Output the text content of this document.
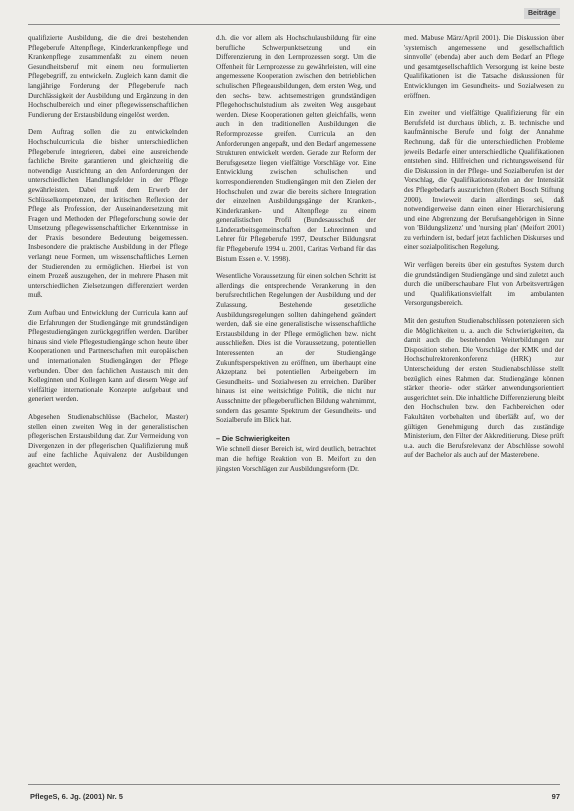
Beiträge

qualifizierte Ausbildung, die die drei bestehenden Pflegeberufe Altenpflege, Kinderkrankenpflege und Krankenpflege zusammenfaßt zu einem neuen Gesundheitsberuf mit einem neu formulierten Pflegebegriff, zu entwickeln. Zugleich kann damit die langjährige Forderung der Pflegeberufe nach Durchlässigkeit der Ausbildung und Ergänzung in den Hochschulbereich und einer pflegewissenschaftlichen Fundierung der Erstausbildung eingelöst werden.

Dem Auftrag sollen die zu entwickelnden Hochschulcurricula die bisher unterschiedlichen Pflegeberufe integrieren, dabei eine ausreichende fachliche Breite garantieren und gleichzeitig die notwendige Ausrichtung an den Anforderungen der unterschiedlichen Handlungsfelder in der Pflege gewährleisten. Dabei muß dem Erwerb der Schlüsselkompetenzen, der kritischen Reflexion der Pflege als Profession, der Auseinandersetzung mit Fragen und Methoden der Pflegeforschung sowie der Umsetzung pflegewissenschaftlicher Erkenntnisse in der Praxis besondere Bedeutung beigemessen. Insbesondere die praktische Ausbildung in der Pflege verlangt neue Formen, um wissenschaftliches Lernen der Studierenden zu ermöglichen. Hierbei ist von einem Prozeß auszugehen, der in mehrere Phasen mit unterschiedlichen Zielsetzungen differenziert werden muß.

Zum Aufbau und Entwicklung der Curricula kann auf die Erfahrungen der Studiengänge mit grundständigen Pflegestudiengängen zurückgegriffen werden. Darüber hinaus sind viele Pflegestudiengänge schon heute über Kooperationen und Partnerschaften mit europäischen und internationalen Studiengängen der Pflege verbunden. Über den fachlichen Austausch mit den Kolleginnen und Kollegen kann auf diesem Wege auf vielfältige internationale Konzepte aufgebaut und generiert werden.

Abgesehen Studienabschlüsse (Bachelor, Master) stellen einen zweiten Weg in der generalistischen pflegerischen Erstausbildung dar. Zur Vermeidung von Divergenzen in der pflegerischen Qualifizierung muß auf eine fachliche Äquivalenz der Ausbildungen geachtet werden,

d.h. die vor allem als Hochschulausbildung für eine berufliche Schwerpunktsetzung und ein Differenzierung in den Lernprozessen sorgt. Um die Offenheit für Lernprozesse zu gewährleisten, will eine angemessene Kooperation zwischen den betrieblichen schulischen Pflegeausbildungen, dem ersten Weg, und den sechs- bzw. achtsemestrigen grundständigen Pflegehochschulstudium als zweiten Weg ausgebaut werden. Diese Kooperationen gelten gleichfalls, wenn auch in den traditionellen Ausbildungen die Reformprozesse greifen. Curricula an den Anforderungen angepaßt, und den Bedarf angemessene Strukturen entwickelt werden. Gerade zur Reform der Berufsgesetze liegen vielfältige Vorschläge vor. Eine Entwicklung zwischen schulischen und korrespondierenden Studiengängen mit den Zielen der Hochschulen und zwar die bereits sichere Integration der einzelnen Ausbildungsgänge der Kranken-, Kinderkranken- und Altenpflege zu einem generalistischen Profil (Bundesausschuß der Länderarbeitsgemeinschaften der Lehrerinnen und Lehrer für Pflegeberufe 1997, Deutscher Bildungsrat für Pflegeberufe 1994 u. 2001, Caritas Verband für das Bistum Essen e. V. 1998).

Wesentliche Voraussetzung für einen solchen Schritt ist allerdings die entsprechende Verankerung in den berufsrechtlichen Regelungen der Ausbildung und der Zulassung. Bestehende gesetzliche Ausbildungsregelungen sollten dahingehend geändert werden, daß sie eine generalistische wissenschaftliche Erstausbildung in der Pflege ermöglichen bzw. nicht ausschließen. Dies ist die Voraussetzung, potentiellen Interessenten an der Studiengänge Zukunftsperspektiven zu eröffnen, um überhaupt eine Akzeptanz bei potentiellen Arbeitgebern im Gesundheits- und Sozialwesen zu erreichen. Darüber hinaus ist eine weitsichtige Politik, die nicht nur Ausschnitte der pflegeberuflichen Bildung wahrnimmt, sondern das gesamte Spektrum der Gesundheits- und Sozialberufe im Blick hat.

– Die Schwierigkeiten

Wie schnell dieser Bereich ist, wird deutlich, betrachtet man die heftige Reaktion von B. Meifort zu den jüngsten Vorschlägen zur Ausbildungsreform (Dr.

med. Mabuse März/April 2001). Die Diskussion über 'systemisch angemessene und gesellschaftlich sinnvolle' (ebenda) aber auch dem Bedarf an Pflege und gesamtgesellschaftlich Versorgung ist keine beste Qualifikationen ist die Tatsache diskussionen für Entwicklungen im Gesundheits- und Sozialwesen zu eröffnen.

Ein zweiter und vielfältige Qualifizierung für ein Berufsfeld ist durchaus üblich, z. B. technische und kaufmännische Berufe und folgt der Annahme Rechnung, daß für die unterschiedlichen Probleme jeweils Bedarfe einer unterschiedliche Qualifikationen entstehen sind. Hilfreichen und richtungsweisend für die Diskussion in der Pflege- und Sozialberufen ist der Vorschlag, die Qualifikationsstufen an der Intensität des Pflegebedarfs auszurichten (Robert Bosch Stiftung 2000). Inwieweit darin allerdings sei, daß notwendigerweise dann einen einer Hierarchisierung und eine Abgrenzung der Berufsangehörigen in Sinne von 'Bildungslizenz' und 'nursing plan' (Meifort 2001) zu verhindern ist, bedarf jetzt fachlichen Diskurses und einer sozialpolitischen Regelung.

Wir verfügen bereits über ein gestuftes System durch die grundständigen Studiengänge und sind zuletzt auch durch die unüberschaubare Flut von Arbeitsverträgen und Qualifikationsvielfalt im ambulanten Versorgungsbereich.

Mit den gestuften Studienabschlüssen potenzieren sich die Möglichkeiten u. a. auch die Schwierigkeiten, da damit auch die bestehenden Weiterbildungen zur Disposition stehen. Die Vorschläge der KMK und der Hochschulrektorenkonferenz (HRK) zur Unterscheidung der ersten Studienabschlüsse stellt bezüglich eines Rahmen dar. Studiengänge können stärker theorie- oder stärker anwendungsorientiert ausgerichtet sein. Die inhaltliche Differenzierung bleibt den Hochschulen bzw. den Fachbereichen oder Fakultäten vorbehalten und überläßt auf, wo der gültigen Genehmigung durch das zuständige Ministerium, den Filter der Akkreditierung. Diese prüft u.a. auch die Berufsrelevanz der Abschlüsse sowohl auf der Bachelor als auch auf der Masterebene.

PflegeS, 6. Jg. (2001) Nr. 5	97
